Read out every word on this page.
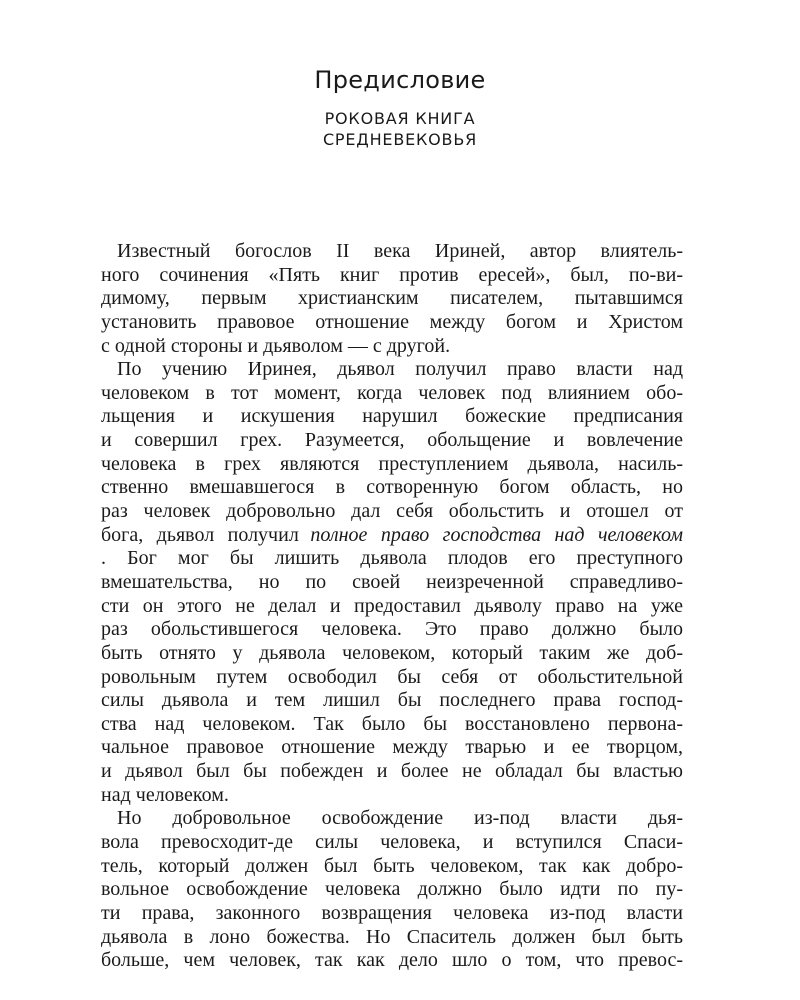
Предисловие
РОКОВАЯ КНИГА
СРЕДНЕВЕКОВЬЯ
Известный богослов II века Ириней, автор влиятель-
ного сочинения «Пять книг против ересей», был, по-ви-
димому, первым христианским писателем, пытавшимся
установить правовое отношение между богом и Христом
с одной стороны и дьяволом — с другой.
По учению Иринея, дьявол получил право власти над
человеком в тот момент, когда человек под влиянием обо-
льщения и искушения нарушил божеские предписания
и совершил грех. Разумеется, обольщение и вовлечение
человека в грех являются преступлением дьявола, насиль-
ственно вмешавшегося в сотворенную богом область, но
раз человек добровольно дал себя обольстить и отошел от
бога, дьявол получил полное право господства над человеком
. Бог мог бы лишить дьявола плодов его преступного
вмешательства, но по своей неизреченной справедливо-
сти он этого не делал и предоставил дьяволу право на уже
раз обольстившегося человека. Это право должно было
быть отнято у дьявола человеком, который таким же доб-
ровольным путем освободил бы себя от обольстительной
силы дьявола и тем лишил бы последнего права господ-
ства над человеком. Так было бы восстановлено первона-
чальное правовое отношение между тварью и ее творцом,
и дьявол был бы побежден и более не обладал бы властью
над человеком.
Но добровольное освобождение из-под власти дья-
вола превосходит-де силы человека, и вступился Спаси-
тель, который должен был быть человеком, так как добро-
вольное освобождение человека должно было идти по пу-
ти права, законного возвращения человека из-под власти
дьявола в лоно божества. Но Спаситель должен был быть
больше, чем человек, так как дело шло о том, что превос-
